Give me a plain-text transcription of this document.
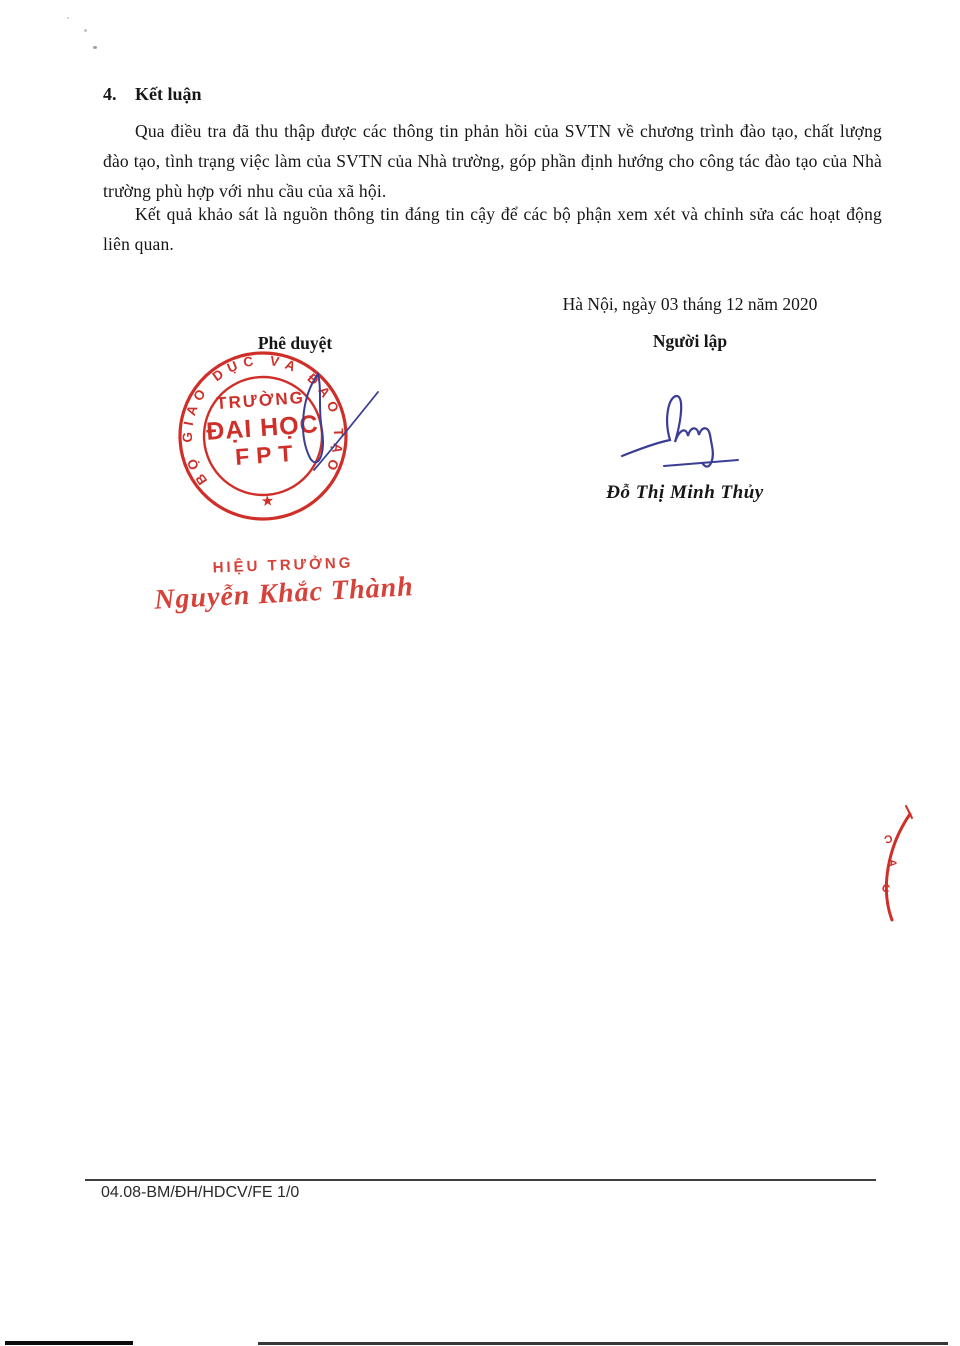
4.	Kết luận

Qua điều tra đã thu thập được các thông tin phản hồi của SVTN về chương trình đào tạo, chất lượng đào tạo, tình trạng việc làm của SVTN của Nhà trường, góp phần định hướng cho công tác đào tạo của Nhà trường phù hợp với nhu cầu của xã hội.

Kết quả khảo sát là nguồn thông tin đáng tin cậy để các bộ phận xem xét và chỉnh sửa các hoạt động liên quan.

Hà Nội, ngày 03 tháng 12 năm 2020
Người lập
Phê duyệt
BỘ GIÁO DỤC VÀ ĐÀO TẠO
★
TRƯỜNG
ĐẠI HỌC
FPT
Đỗ Thị Minh Thủy
HIỆU TRƯỞNG
Nguyễn Khắc Thành
Ɔ
A
C
04.08-BM/ĐH/HDCV/FE 1/0
